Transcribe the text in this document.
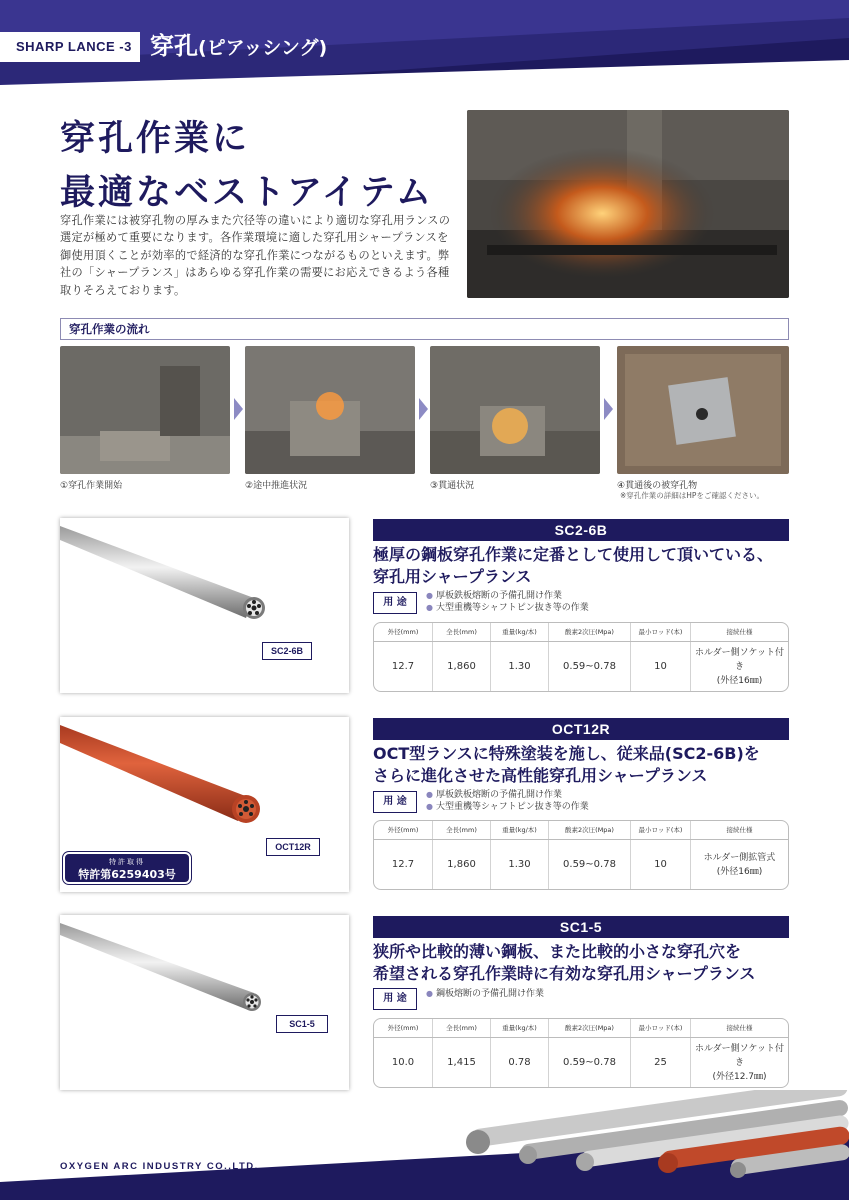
SHARP LANCE -3 穿孔(ピアッシング)
穿孔作業に
最適なベストアイテム
穿孔作業には被穿孔物の厚みまた穴径等の違いにより適切な穿孔用ランスの選定が極めて重要になります。各作業環境に適した穿孔用シャープランスを御使用頂くことが効率的で経済的な穿孔作業につながるものといえます。弊社の「シャープランス」はあらゆる穿孔作業の需要にお応えできるよう各種取りそろえております。
穿孔作業の流れ
①穿孔作業開始	②途中推進状況	③貫通状況	④貫通後の被穿孔物
※穿孔作業の詳細はHPをご確認ください。
SC2-6B
SC2-6B
極厚の鋼板穿孔作業に定番として使用して頂いている、
穿孔用シャープランス
用 途
● 厚板鉄板熔断の予備孔開け作業
● 大型重機等シャフトピン抜き等の作業
外径(mm)	全長(mm)	重量(kg/本)	酸素2次圧(Mpa)	最小ロッド(本)	接続仕様
12.7	1,860	1.30	0.59~0.78	10
ホルダー側ソケット付き
(外径16㎜)
OCT12R
特許取得
特許第6259403号
OCT12R
OCT型ランスに特殊塗装を施し、従来品(SC2-6B)を
さらに進化させた高性能穿孔用シャープランス
用 途
● 厚板鉄板熔断の予備孔開け作業
● 大型重機等シャフトピン抜き等の作業
外径(mm)	全長(mm)	重量(kg/本)	酸素2次圧(Mpa)	最小ロッド(本)	接続仕様
12.7	1,860	1.30	0.59~0.78	10
ホルダー側拡管式
(外径16㎜)
SC1-5
SC1-5
狭所や比較的薄い鋼板、また比較的小さな穿孔穴を
希望される穿孔作業時に有効な穿孔用シャープランス
用 途
●	鋼板熔断の予備孔開け作業
外径(mm)	全長(mm)	重量(kg/本)	酸素2次圧(Mpa)	最小ロッド(本)	接続仕様
10.0	1,415	0.78	0.59~0.78	25
ホルダー側ソケット付き
(外径12.7㎜)
OXYGEN ARC INDUSTRY CO.,LTD.
